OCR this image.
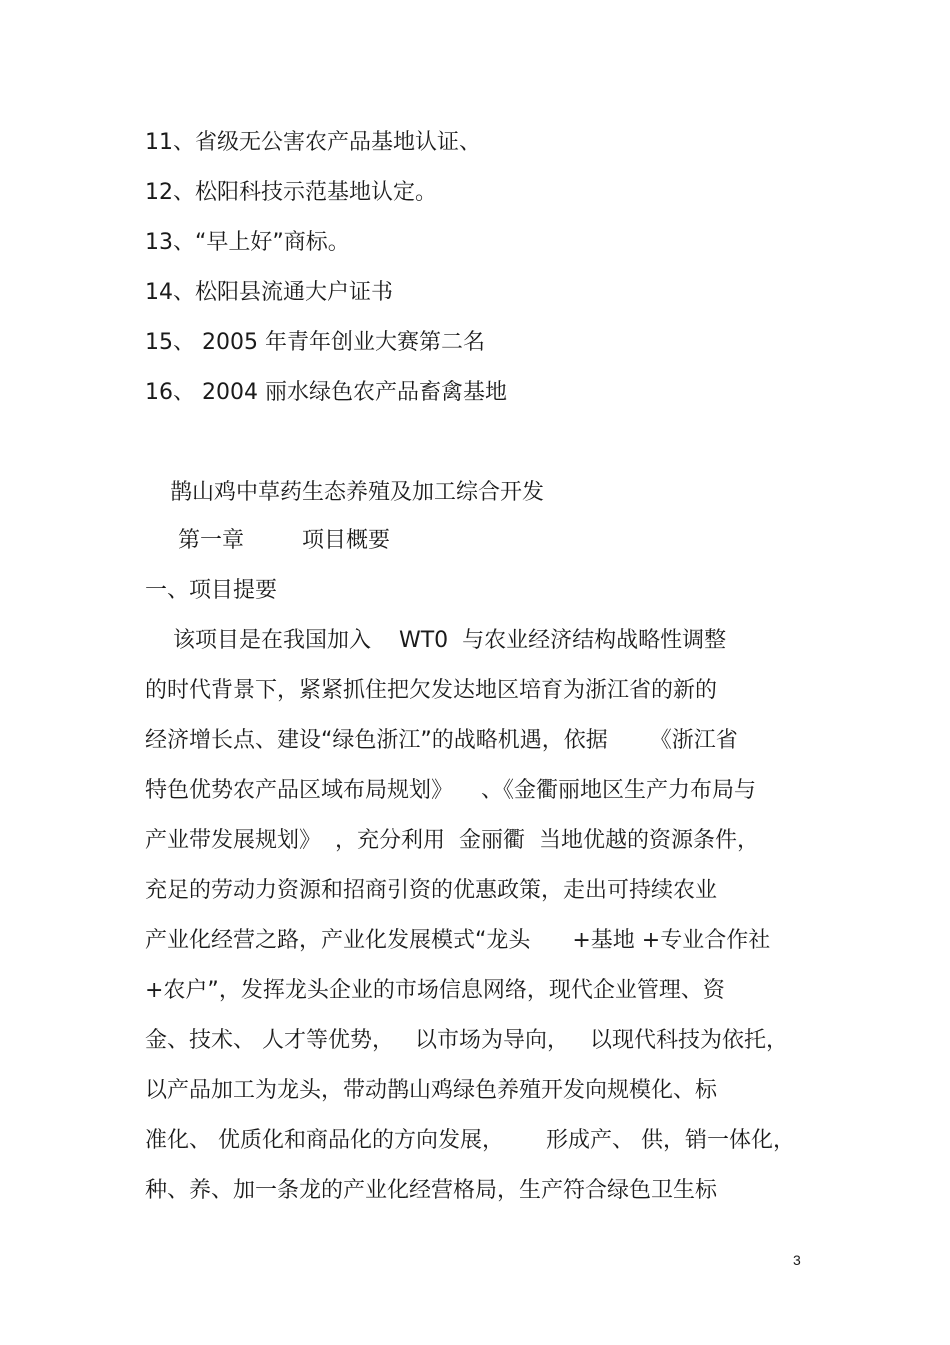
11、省级无公害农产品基地认证、
12、松阳科技示范基地认定。
13、“早上好”商标。
14、松阳县流通大户证书
15、 2005 年青年创业大赛第二名
16、 2004 丽水绿色农产品畜禽基地
鹊山鸡中草药生态养殖及加工综合开发
第一章	项目概要
一、项目提要
该项目是在我国加入    WT0  与农业经济结构战略性调整
的时代背景下，紧紧抓住把欠发达地区培育为浙江省的新的
经济增长点、建设“绿色浙江”的战略机遇，依据      《浙江省
特色优势农产品区域布局规划》    、《金衢丽地区生产力布局与
产业带发展规划》  ，充分利用  金丽衢  当地优越的资源条件，
充足的劳动力资源和招商引资的优惠政策，走出可持续农业
产业化经营之路，产业化发展模式“龙头      +基地 +专业合作社
+农户”，发挥龙头企业的市场信息网络，现代企业管理、资
金、技术、 人才等优势，   以市场为导向，   以现代科技为依托，
以产品加工为龙头，带动鹊山鸡绿色养殖开发向规模化、标
准化、 优质化和商品化的方向发展，      形成产、 供，销一体化，
种、养、加一条龙的产业化经营格局，生产符合绿色卫生标
3
